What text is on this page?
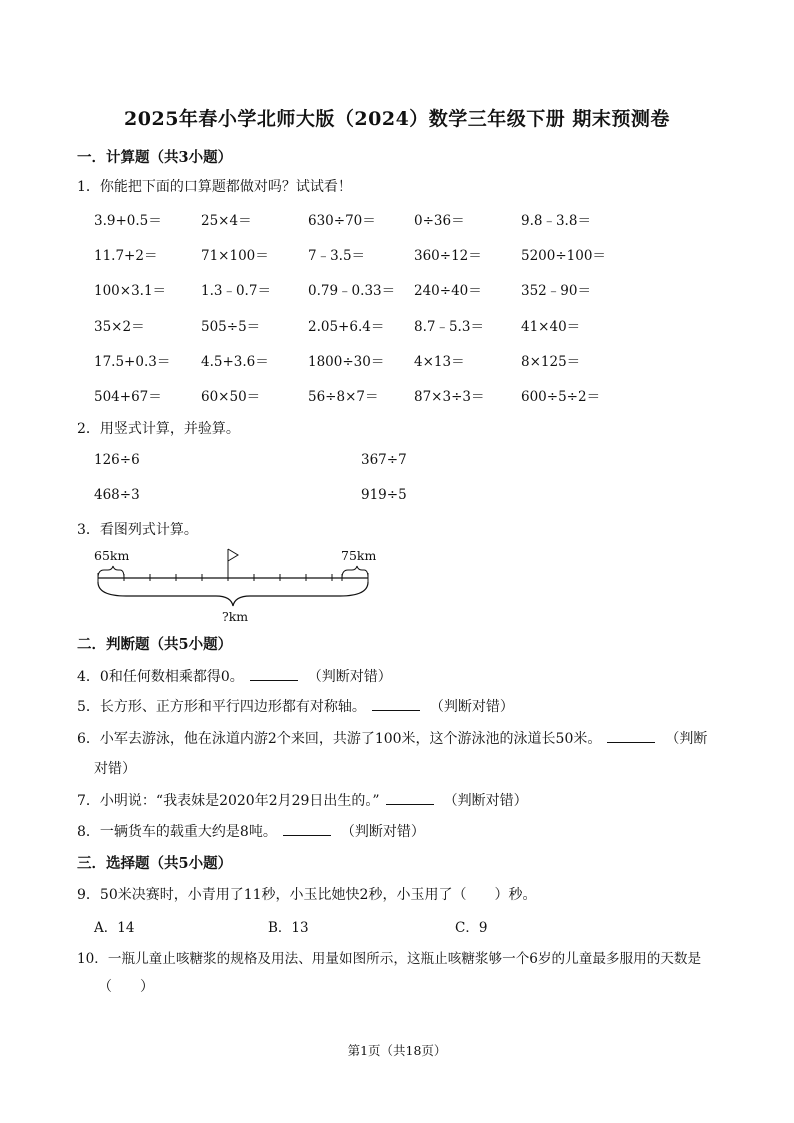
2025年春小学北师大版（2024）数学三年级下册 期末预测卷
一．计算题（共3小题）
1．你能把下面的口算题都做对吗？试试看！
3.9+0.5＝	25×4＝	630÷70＝	0÷36＝	9.8﹣3.8＝
11.7+2＝	71×100＝	7﹣3.5＝	360÷12＝	5200÷100＝
100×3.1＝	1.3﹣0.7＝	0.79﹣0.33＝ 240÷40＝	352﹣90＝
35×2＝	505÷5＝	2.05+6.4＝ 8.7﹣5.3＝	41×40＝
17.5+0.3＝ 4.5+3.6＝	1800÷30＝ 4×13＝	8×125＝
504+67＝	60×50＝	56÷8×7＝	87×3÷3＝	600÷5÷2＝
2．用竖式计算，并验算。
126÷6	367÷7
468÷3	919÷5
3．看图列式计算。
65km	75km
?km
二．判断题（共5小题）
4．0和任何数相乘都得0。	（判断对错）
5．长方形、正方形和平行四边形都有对称轴。	（判断对错）
6．小军去游泳，他在泳道内游2个来回，共游了100米，这个游泳池的泳道长50米。	（判断
对错）
7．小明说：“我表妹是2020年2月29日出生的。”	（判断对错）
8．一辆货车的载重大约是8吨。	（判断对错）
三．选择题（共5小题）
9．50米决赛时，小青用了11秒，小玉比她快2秒，小玉用了（　　）秒。
A．14	B．13	C．9
10．一瓶儿童止咳糖浆的规格及用法、用量如图所示，这瓶止咳糖浆够一个6岁的儿童最多服用的天数是
（　　）
第1页（共18页）
